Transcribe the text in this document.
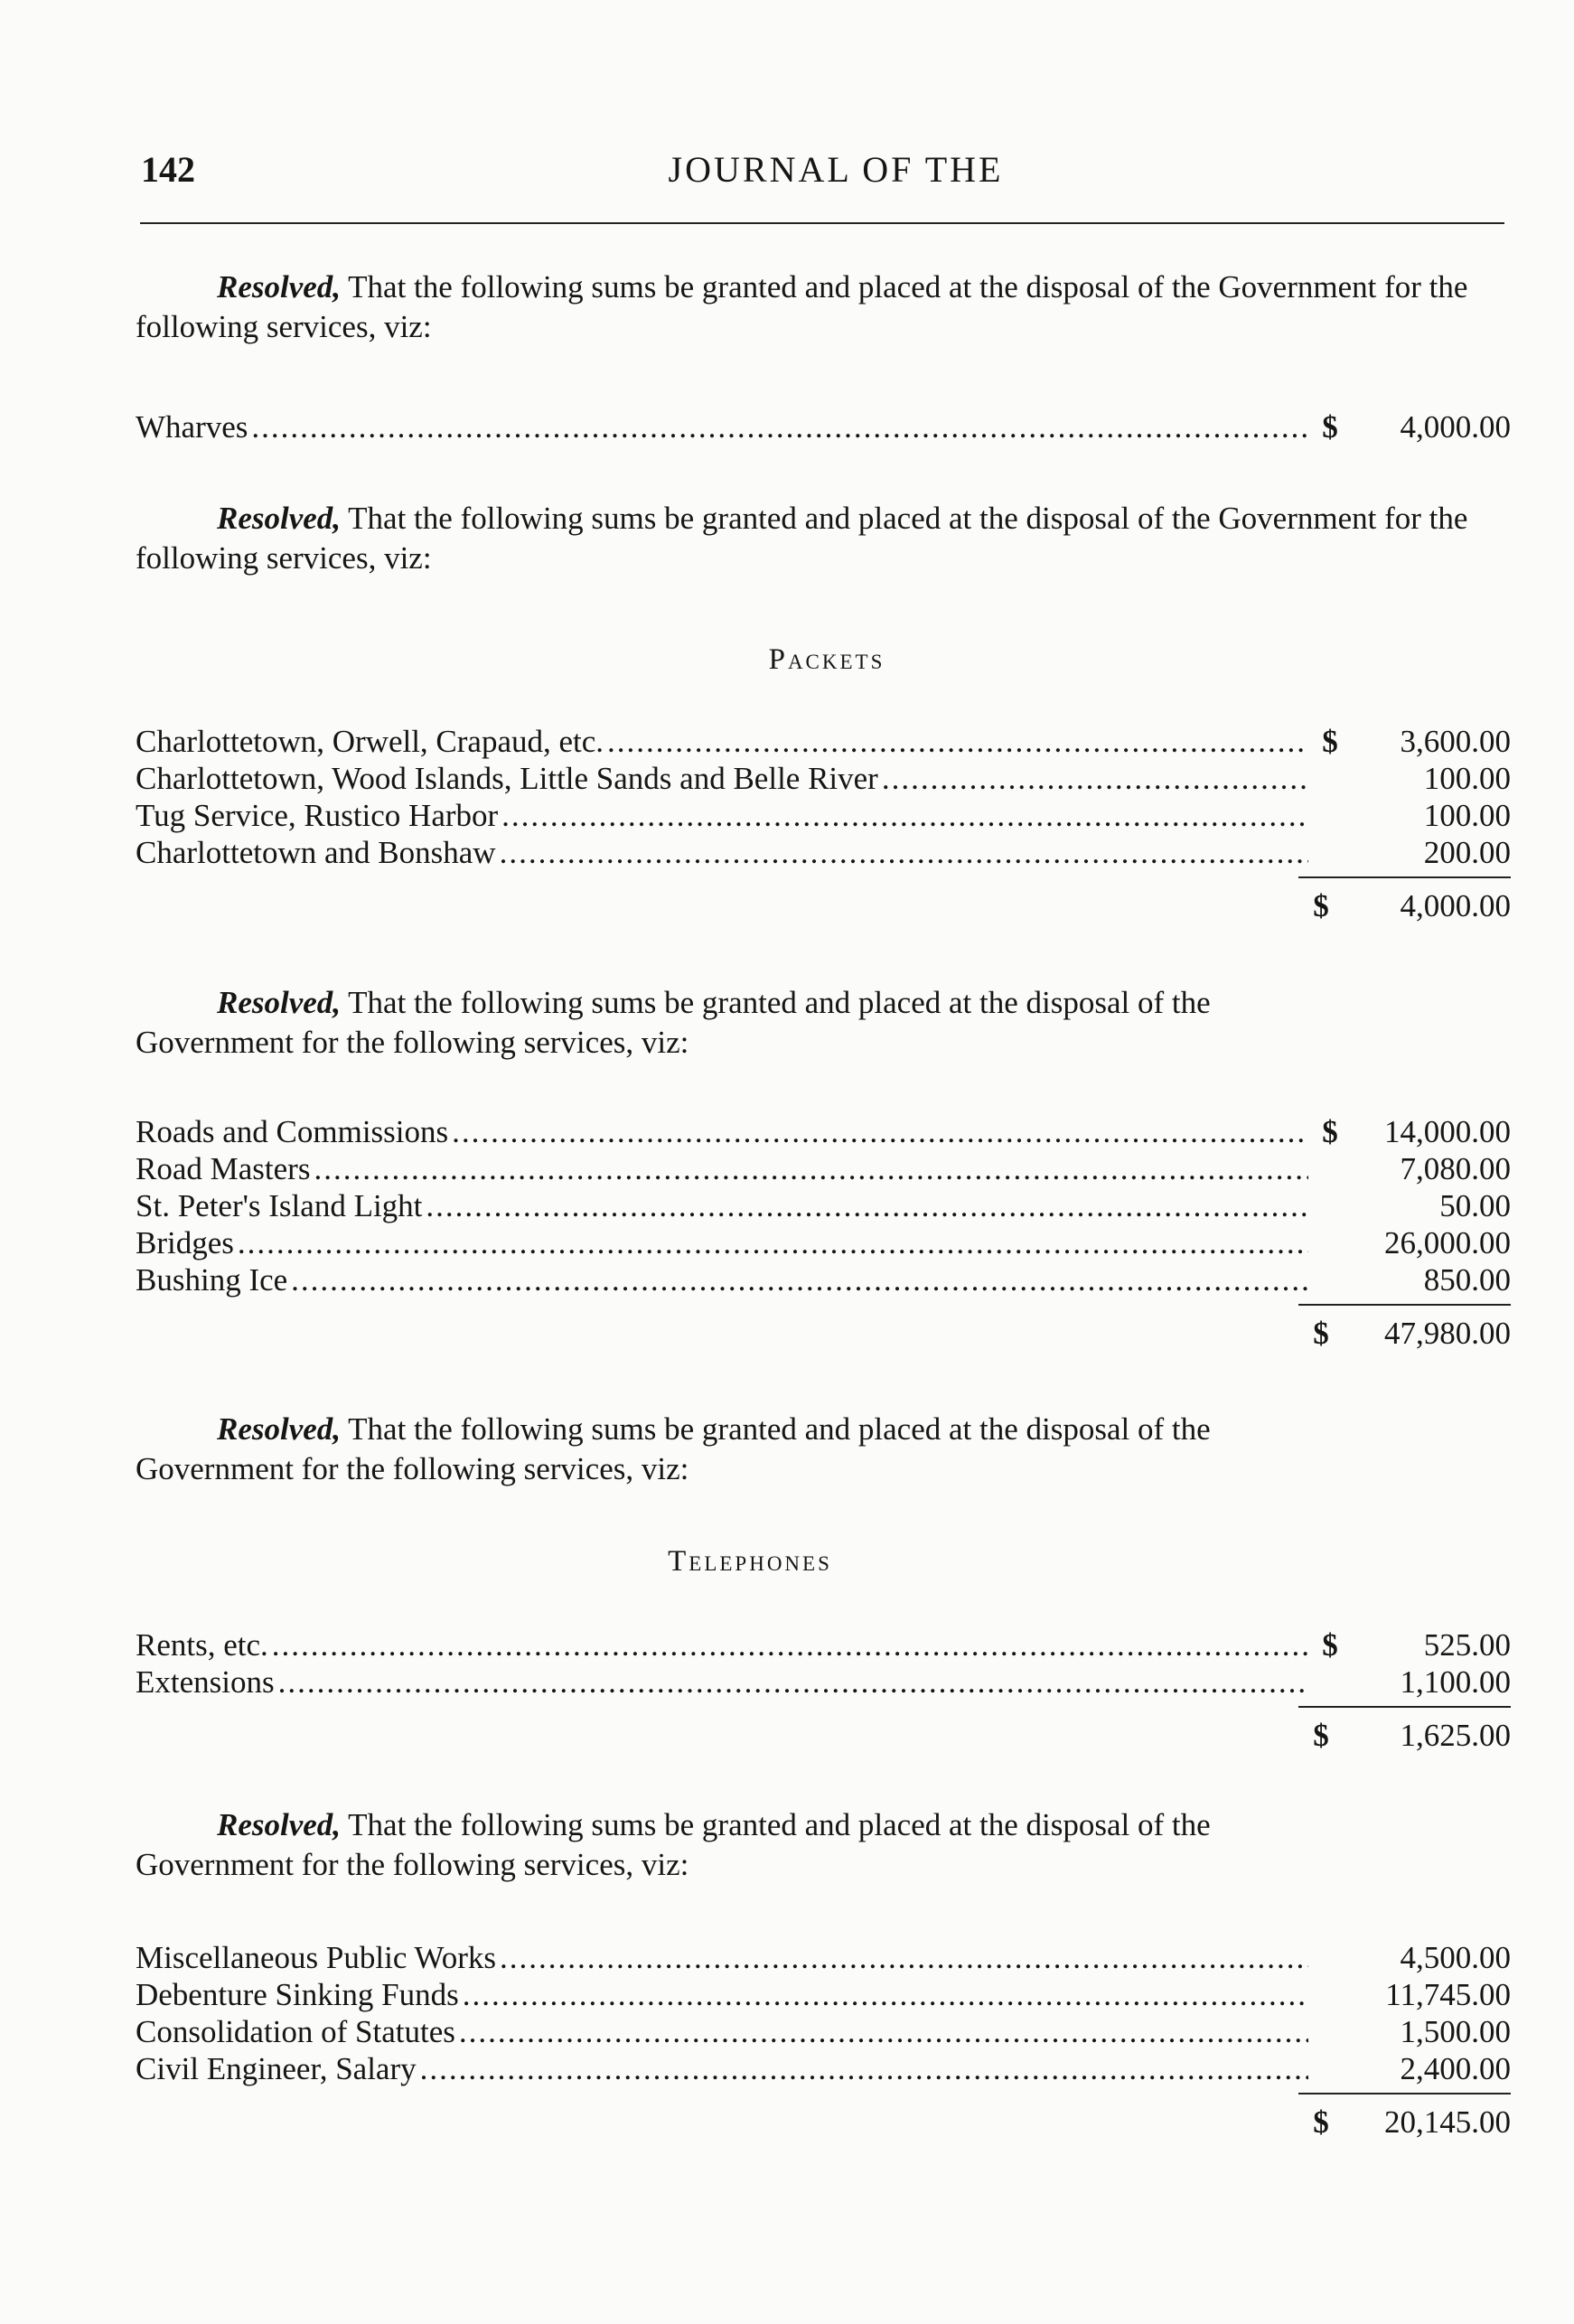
142	JOURNAL OF THE
Resolved, That the following sums be granted and placed at the disposal of the Government for the following services, viz:
Wharves .....	$	4,000.00
Resolved, That the following sums be granted and placed at the disposal of the Government for the following services, viz:
Packets
Charlottetown, Orwell, Crapaud, etc. .....	$	3,600.00
Charlottetown, Wood Islands, Little Sands and Belle River .....	100.00
Tug Service, Rustico Harbor .....	100.00
Charlottetown and Bonshaw .....	200.00
$	4,000.00
Resolved, That the following sums be granted and placed at the disposal of the Government for the following services, viz:
Roads and Commissions .....	$	14,000.00
Road Masters .....	7,080.00
St. Peter's Island Light .....	50.00
Bridges .....	26,000.00
Bushing Ice .....	850.00
$	47,980.00
Resolved, That the following sums be granted and placed at the disposal of the Government for the following services, viz:
Telephones
Rents, etc. .....	$	525.00
Extensions .....	1,100.00
$	1,625.00
Resolved, That the following sums be granted and placed at the disposal of the Government for the following services, viz:
Miscellaneous Public Works .....	4,500.00
Debenture Sinking Funds .....	11,745.00
Consolidation of Statutes .....	1,500.00
Civil Engineer, Salary .....	2,400.00
$	20,145.00
